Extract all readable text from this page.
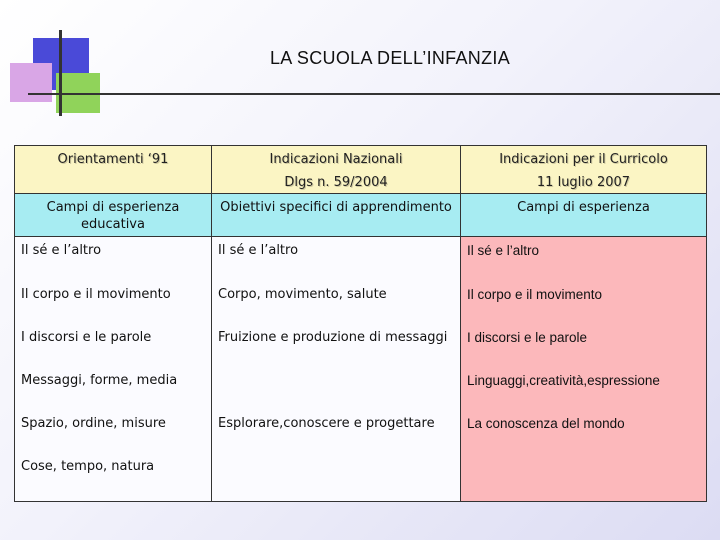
LA SCUOLA DELL’INFANZIA
Orientamenti ‘91
Campi di esperienza educativa
Il sé e l’altro
Il corpo e il movimento
I discorsi e le parole
Messaggi, forme, media
Spazio, ordine, misure
Cose, tempo, natura
Indicazioni Nazionali
Dlgs n. 59/2004
Obiettivi specifici di apprendimento
Il sé e l’altro
Corpo, movimento, salute
Fruizione e produzione di messaggi
Esplorare,conoscere e progettare
Indicazioni per il Curricolo
11 luglio 2007
Campi di esperienza
Il sé e l’altro
Il corpo e il movimento
I discorsi e le parole
Linguaggi,creatività,espressione
La conoscenza del mondo
